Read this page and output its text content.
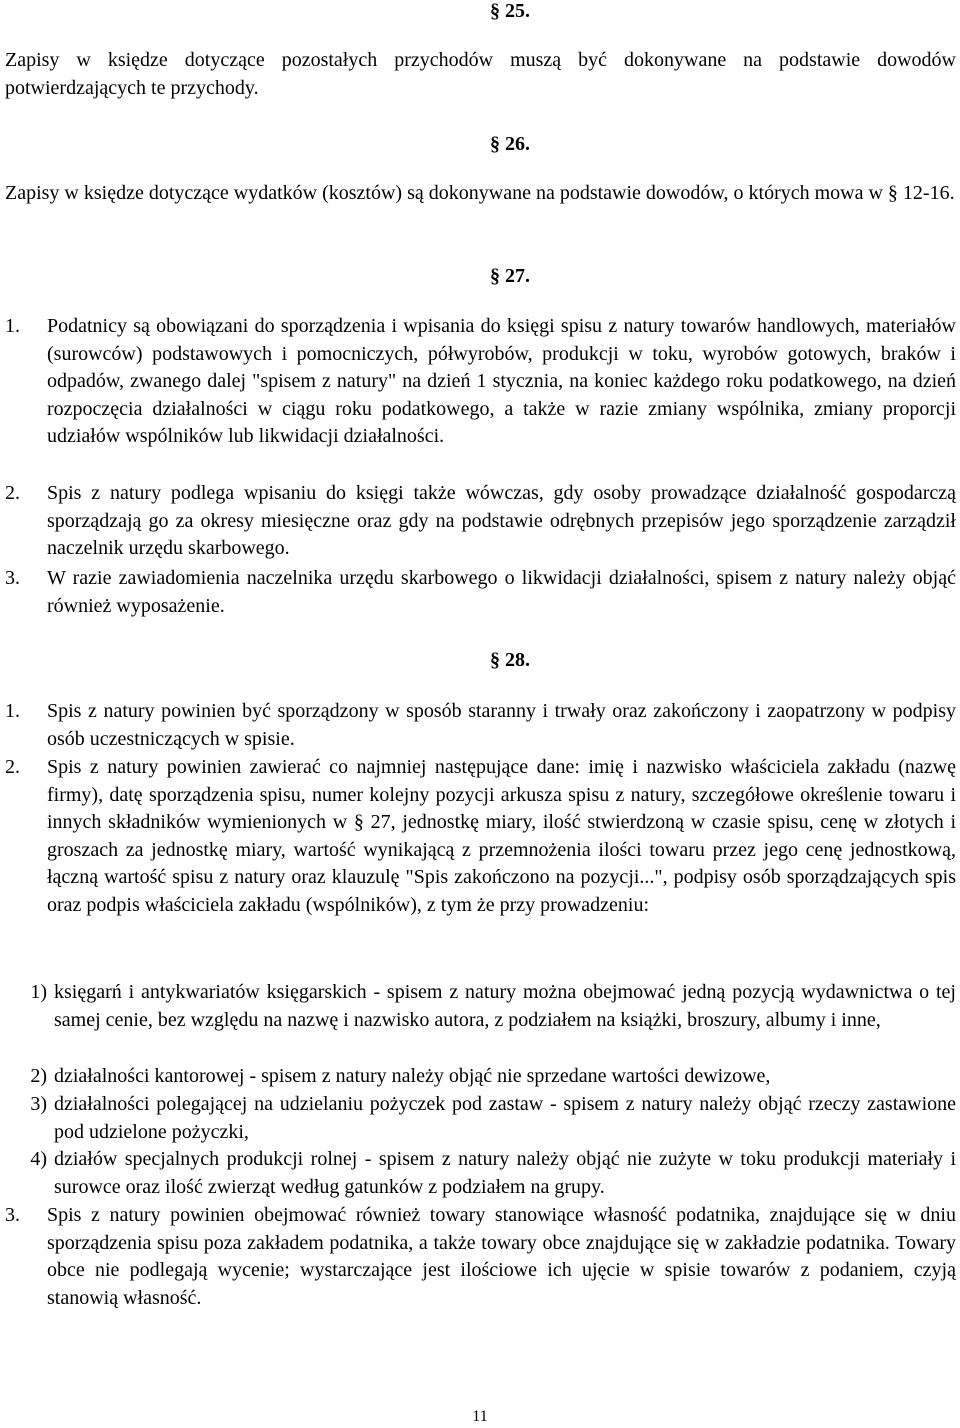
§ 25.

Zapisy w księdze dotyczące pozostałych przychodów muszą być dokonywane na podstawie dowodów potwierdzających te przychody.

§ 26.

Zapisy w księdze dotyczące wydatków (kosztów) są dokonywane na podstawie dowodów, o których mowa w § 12-16.

§ 27.
1.	Podatnicy są obowiązani do sporządzenia i wpisania do księgi spisu z natury towarów handlowych, materiałów (surowców) podstawowych i pomocniczych, półwyrobów, produkcji w toku, wyrobów gotowych, braków i odpadów, zwanego dalej "spisem z natury" na dzień 1 stycznia, na koniec każdego roku podatkowego, na dzień rozpoczęcia działalności w ciągu roku podatkowego, a także w razie zmiany wspólnika, zmiany proporcji udziałów wspólników lub likwidacji działalności.
2.	Spis z natury podlega wpisaniu do księgi także wówczas, gdy osoby prowadzące działalność gospodarczą sporządzają go za okresy miesięczne oraz gdy na podstawie odrębnych przepisów jego sporządzenie zarządził naczelnik urzędu skarbowego.
3.	W razie zawiadomienia naczelnika urzędu skarbowego o likwidacji działalności, spisem z natury należy objąć również wyposażenie.
§ 28.
1.	Spis z natury powinien być sporządzony w sposób staranny i trwały oraz zakończony i zaopatrzony w podpisy osób uczestniczących w spisie.
2.	Spis z natury powinien zawierać co najmniej następujące dane: imię i nazwisko właściciela zakładu (nazwę firmy), datę sporządzenia spisu, numer kolejny pozycji arkusza spisu z natury, szczegółowe określenie towaru i innych składników wymienionych w § 27, jednostkę miary, ilość stwierdzoną w czasie spisu, cenę w złotych i groszach za jednostkę miary, wartość wynikającą z przemnożenia ilości towaru przez jego cenę jednostkową, łączną wartość spisu z natury oraz klauzulę "Spis zakończono na pozycji...", podpisy osób sporządzających spis oraz podpis właściciela zakładu (wspólników), z tym że przy prowadzeniu:
1) księgarń i antykwariatów księgarskich - spisem z natury można obejmować jedną pozycją wydawnictwa o tej samej cenie, bez względu na nazwę i nazwisko autora, z podziałem na książki, broszury, albumy i inne,
2) działalności kantorowej - spisem z natury należy objąć nie sprzedane wartości dewizowe,
3) działalności polegającej na udzielaniu pożyczek pod zastaw - spisem z natury należy objąć rzeczy zastawione pod udzielone pożyczki,
4) działów specjalnych produkcji rolnej - spisem z natury należy objąć nie zużyte w toku produkcji materiały i surowce oraz ilość zwierząt według gatunków z podziałem na grupy.
3.	Spis z natury powinien obejmować również towary stanowiące własność podatnika, znajdujące się w dniu sporządzenia spisu poza zakładem podatnika, a także towary obce znajdujące się w zakładzie podatnika. Towary obce nie podlegają wycenie; wystarczające jest ilościowe ich ujęcie w spisie towarów z podaniem, czyją stanowią własność.
11
